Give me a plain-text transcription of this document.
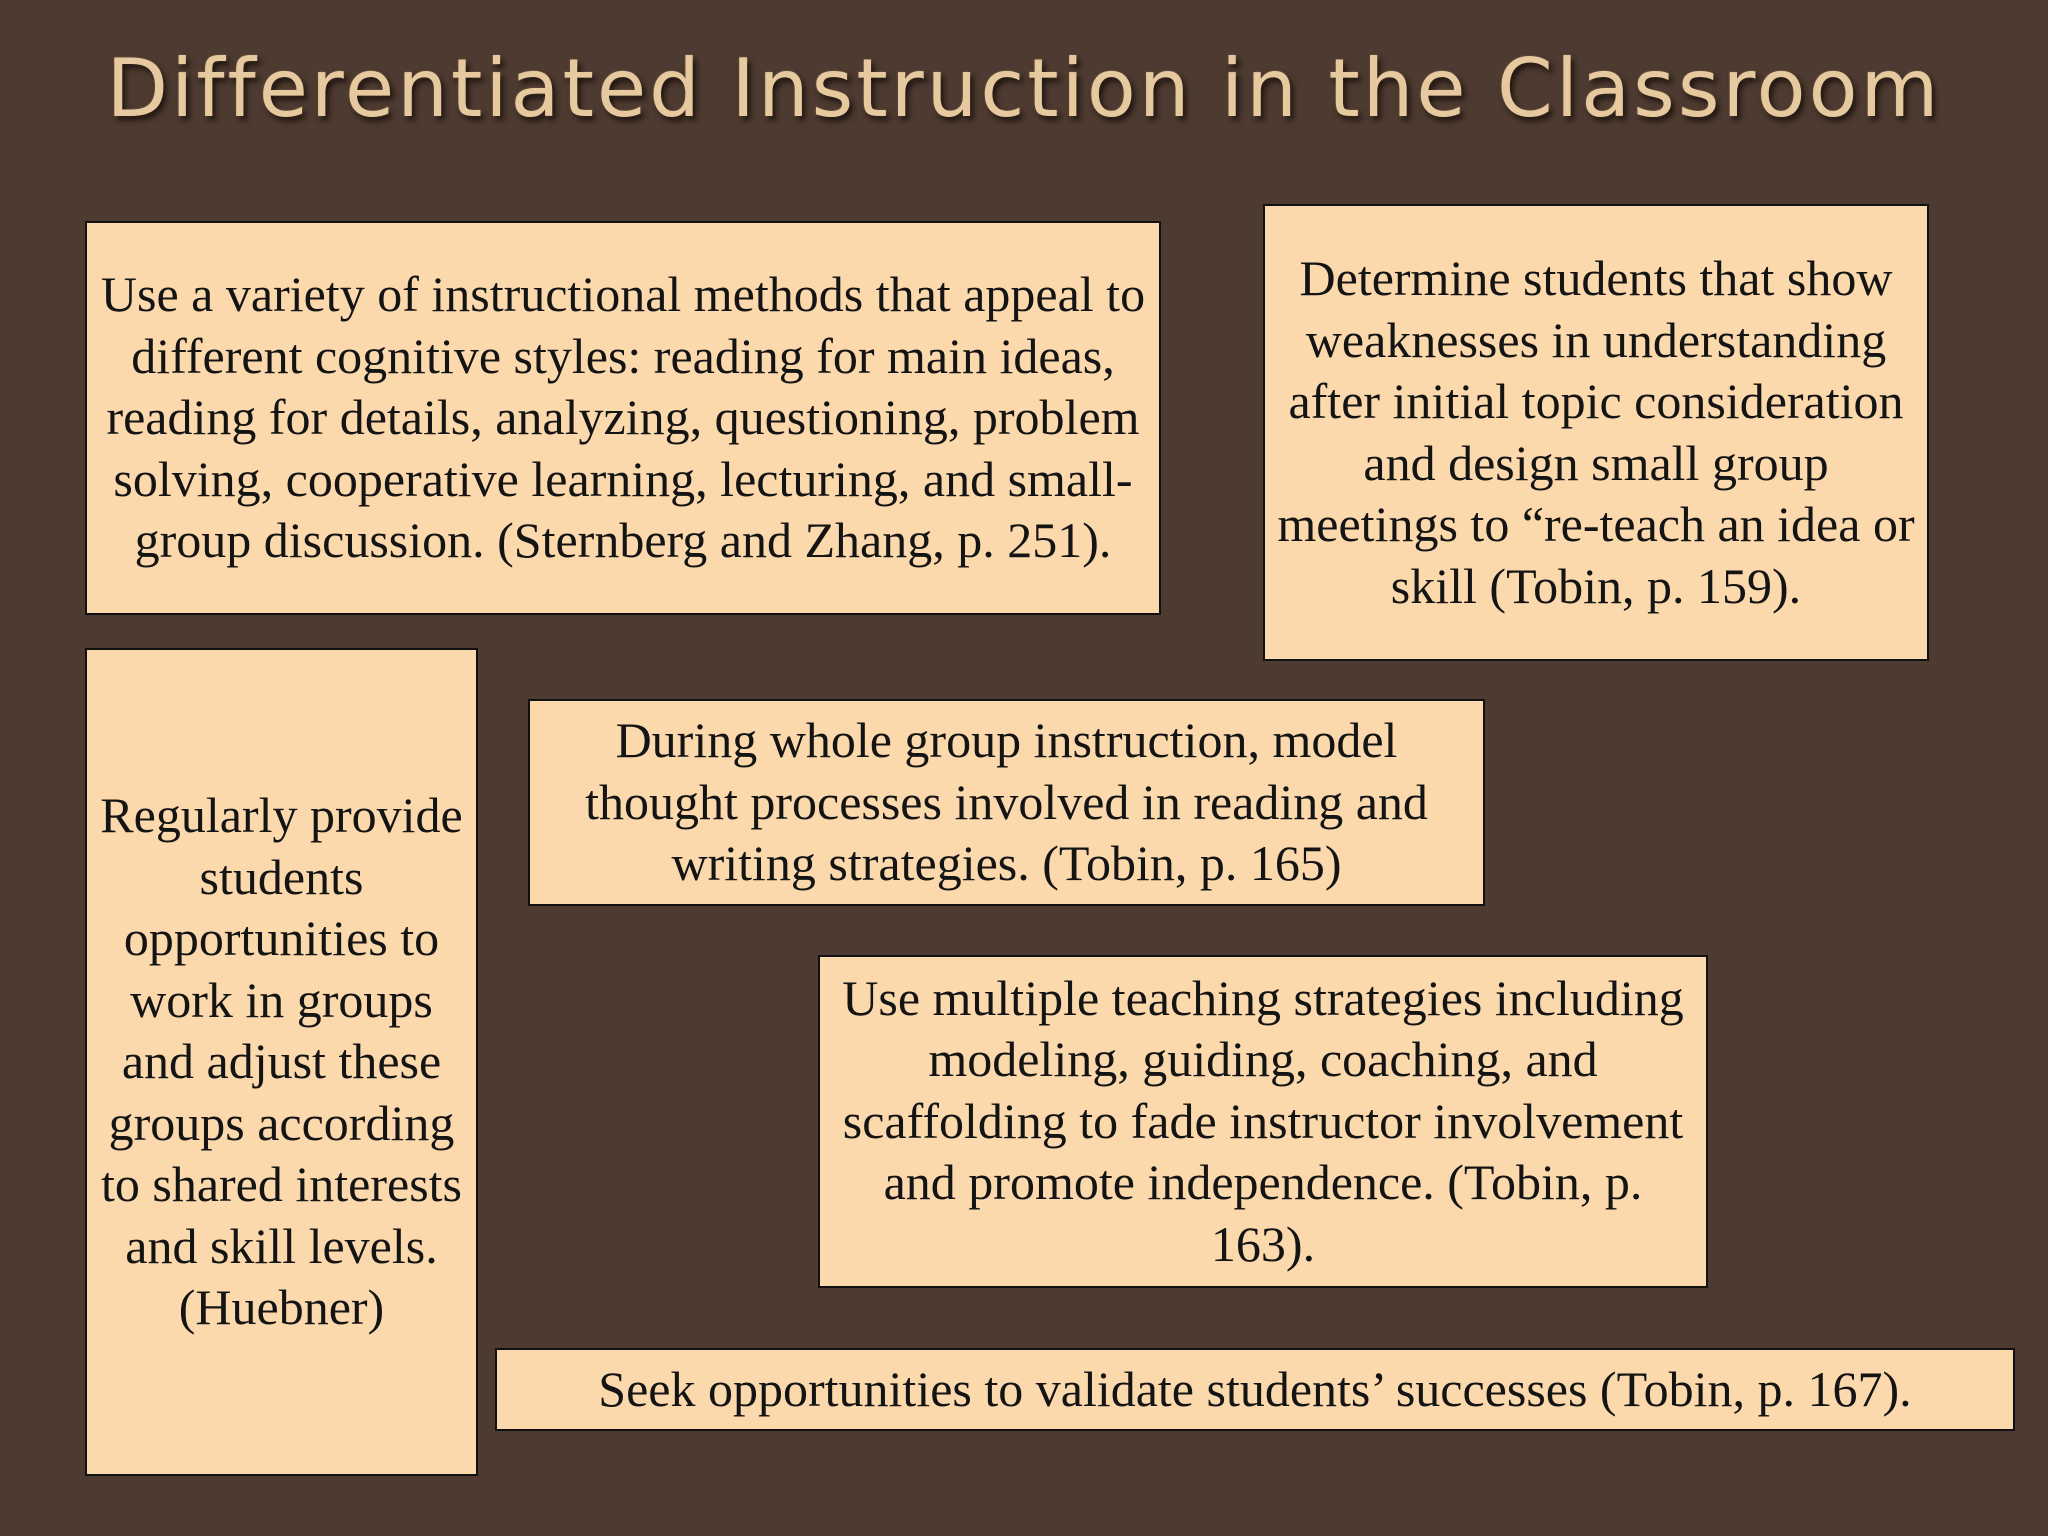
Differentiated Instruction in the Classroom
Use a variety of instructional methods that appeal to different cognitive styles: reading for main ideas, reading for details, analyzing, questioning, problem solving, cooperative learning, lecturing, and small-group discussion. (Sternberg and Zhang, p. 251).
Determine students that show weaknesses in understanding after initial topic consideration and design small group meetings to “re-teach an idea or skill (Tobin, p. 159).
Regularly provide students opportunities to work in groups and adjust these groups according to shared interests and skill levels. (Huebner)
During whole group instruction, model thought processes involved in reading and writing strategies. (Tobin, p. 165)
Use multiple teaching strategies including modeling, guiding, coaching, and scaffolding to fade instructor involvement and promote independence. (Tobin, p. 163).
Seek opportunities to validate students’ successes (Tobin, p. 167).
